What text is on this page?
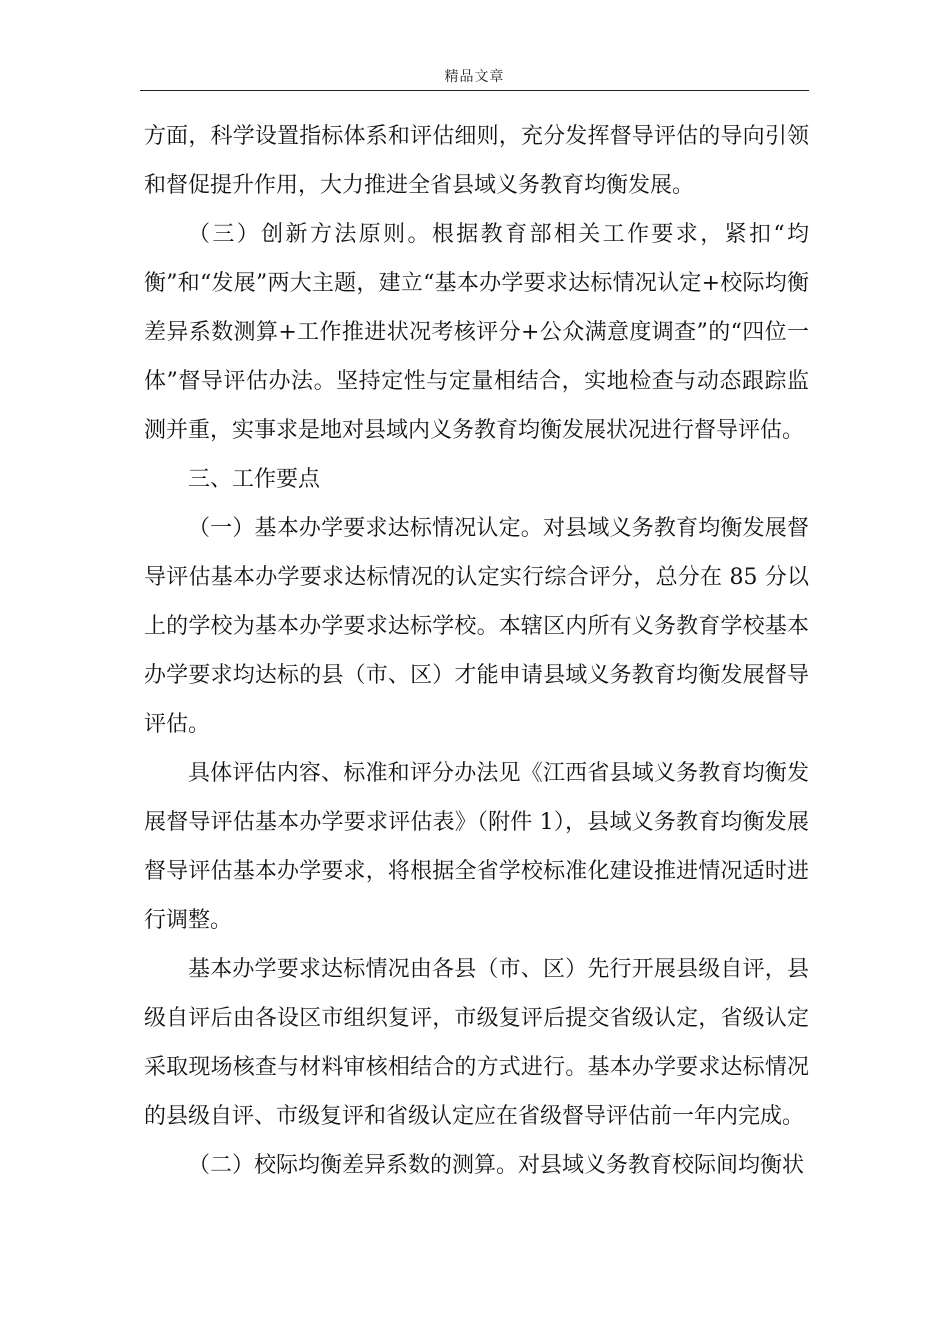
精品文章

方面，科学设置指标体系和评估细则，充分发挥督导评估的导向引领和督促提升作用，大力推进全省县域义务教育均衡发展。

（三）创新方法原则。根据教育部相关工作要求，紧扣“均衡”和“发展”两大主题，建立“基本办学要求达标情况认定+校际均衡差异系数测算+工作推进状况考核评分+公众满意度调查”的“四位一体”督导评估办法。坚持定性与定量相结合，实地检查与动态跟踪监测并重，实事求是地对县域内义务教育均衡发展状况进行督导评估。

三、工作要点

（一）基本办学要求达标情况认定。对县域义务教育均衡发展督导评估基本办学要求达标情况的认定实行综合评分，总分在 85 分以上的学校为基本办学要求达标学校。本辖区内所有义务教育学校基本办学要求均达标的县（市、区）才能申请县域义务教育均衡发展督导评估。

具体评估内容、标准和评分办法见《江西省县域义务教育均衡发展督导评估基本办学要求评估表》（附件 1），县域义务教育均衡发展督导评估基本办学要求，将根据全省学校标准化建设推进情况适时进行调整。

基本办学要求达标情况由各县（市、区）先行开展县级自评，县级自评后由各设区市组织复评，市级复评后提交省级认定，省级认定采取现场核查与材料审核相结合的方式进行。基本办学要求达标情况的县级自评、市级复评和省级认定应在省级督导评估前一年内完成。

（二）校际均衡差异系数的测算。对县域义务教育校际间均衡状
